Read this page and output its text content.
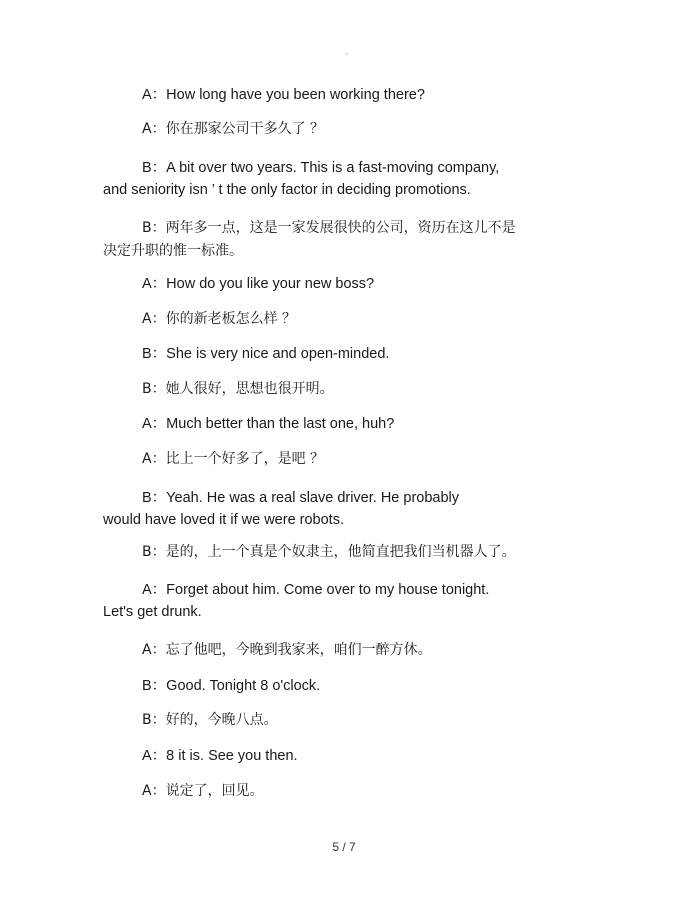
。
A：How long have you been working there?
A：你在那家公司干多久了 ？
B：A bit over two years. This is a fast-moving company,
and seniority isn ’ t the only factor in deciding promotions.
B：两年多一点，这是一家发展很快的公司，资历在这儿不是
决定升职的惟一标准。
A：How do you like your new boss?
A：你的新老板怎么样 ？
B：She is very nice and open-minded.
B：她人很好，思想也很开明。
A：Much better than the last one, huh?
A：比上一个好多了，是吧 ？
B：Yeah. He was a real slave driver. He probably
would have loved it if we were robots.
B：是的，上一个真是个奴隶主，他简直把我们当机器人了。
A：Forget about him. Come over to my house tonight.
Let's get drunk.
A：忘了他吧，今晚到我家来，咱们一醉方休。
B：Good. Tonight 8 o'clock.
B：好的，今晚八点。
A：8 it is. See you then.
A：说定了，回见。
5 / 7
